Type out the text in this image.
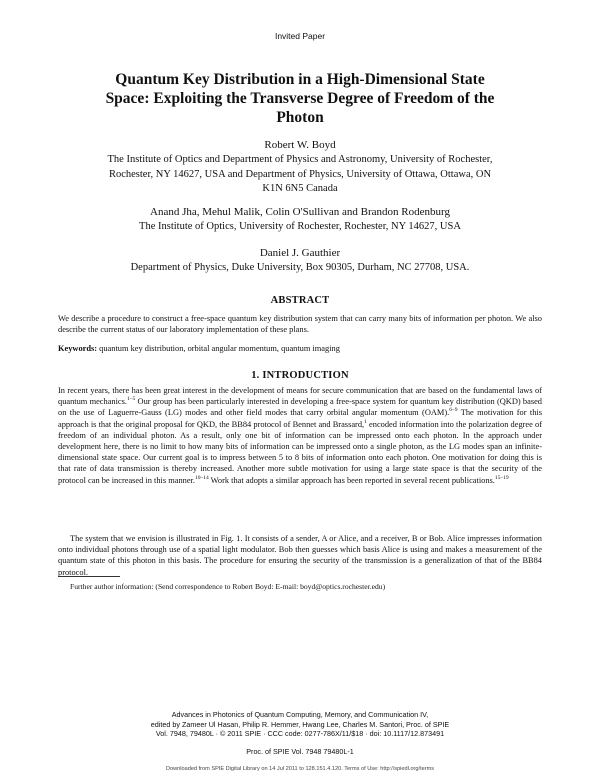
Invited Paper
Quantum Key Distribution in a High-Dimensional State
Space: Exploiting the Transverse Degree of Freedom of the
Photon
Robert W. Boyd
The Institute of Optics and Department of Physics and Astronomy, University of Rochester,
Rochester, NY 14627, USA and Department of Physics, University of Ottawa, Ottawa, ON
K1N 6N5 Canada
Anand Jha, Mehul Malik, Colin O'Sullivan and Brandon Rodenburg
The Institute of Optics, University of Rochester, Rochester, NY 14627, USA
Daniel J. Gauthier
Department of Physics, Duke University, Box 90305, Durham, NC 27708, USA.
ABSTRACT
We describe a procedure to construct a free-space quantum key distribution system that can carry many bits of information per photon. We also describe the current status of our laboratory implementation of these plans.
Keywords: quantum key distribution, orbital angular momentum, quantum imaging
1. INTRODUCTION
In recent years, there has been great interest in the development of means for secure communication that are based on the fundamental laws of quantum mechanics.$^{1-5}$ Our group has been particularly interested in developing a free-space system for quantum key distribution (QKD) based on the use of Laguerre-Gauss (LG) modes and other field modes that carry orbital angular momentum (OAM).$^{6-9}$ The motivation for this approach is that the original proposal for QKD, the BB84 protocol of Bennet and Brassard,$^1$ encoded information into the polarization degree of freedom of an individual photon. As a result, only one bit of information can be impressed onto each photon. In the approach under development here, there is no limit to how many bits of information can be impressed onto a single photon, as the LG modes span an infinite-dimensional state space. Our current goal is to impress between 5 to 8 bits of information onto each photon. One motivation for doing this is that rate of data transmission is thereby increased. Another more subtle motivation for using a large state space is that the security of the protocol can be increased in this manner.$^{10-14}$ Work that adopts a similar approach has been reported in several recent publications.$^{15-19}$
The system that we envision is illustrated in Fig. 1. It consists of a sender, A or Alice, and a receiver, B or Bob. Alice impresses information onto individual photons through use of a spatial light modulator. Bob then guesses which basis Alice is using and makes a measurement of the quantum state of this photon in this basis. The procedure for ensuring the security of the transmission is a generalization of that of the BB84 protocol.
Further author information: (Send correspondence to Robert Boyd: E-mail: boyd@optics.rochester.edu)
Advances in Photonics of Quantum Computing, Memory, and Communication IV,
edited by Zameer Ul Hasan, Philip R. Hemmer, Hwang Lee, Charles M. Santori, Proc. of SPIE
Vol. 7948, 79480L · © 2011 SPIE · CCC code: 0277-786X/11/$18 · doi: 10.1117/12.873491
Proc. of SPIE Vol. 7948 79480L-1
Downloaded from SPIE Digital Library on 14 Jul 2011 to 128.151.4.120. Terms of Use: http://spiedl.org/terms
